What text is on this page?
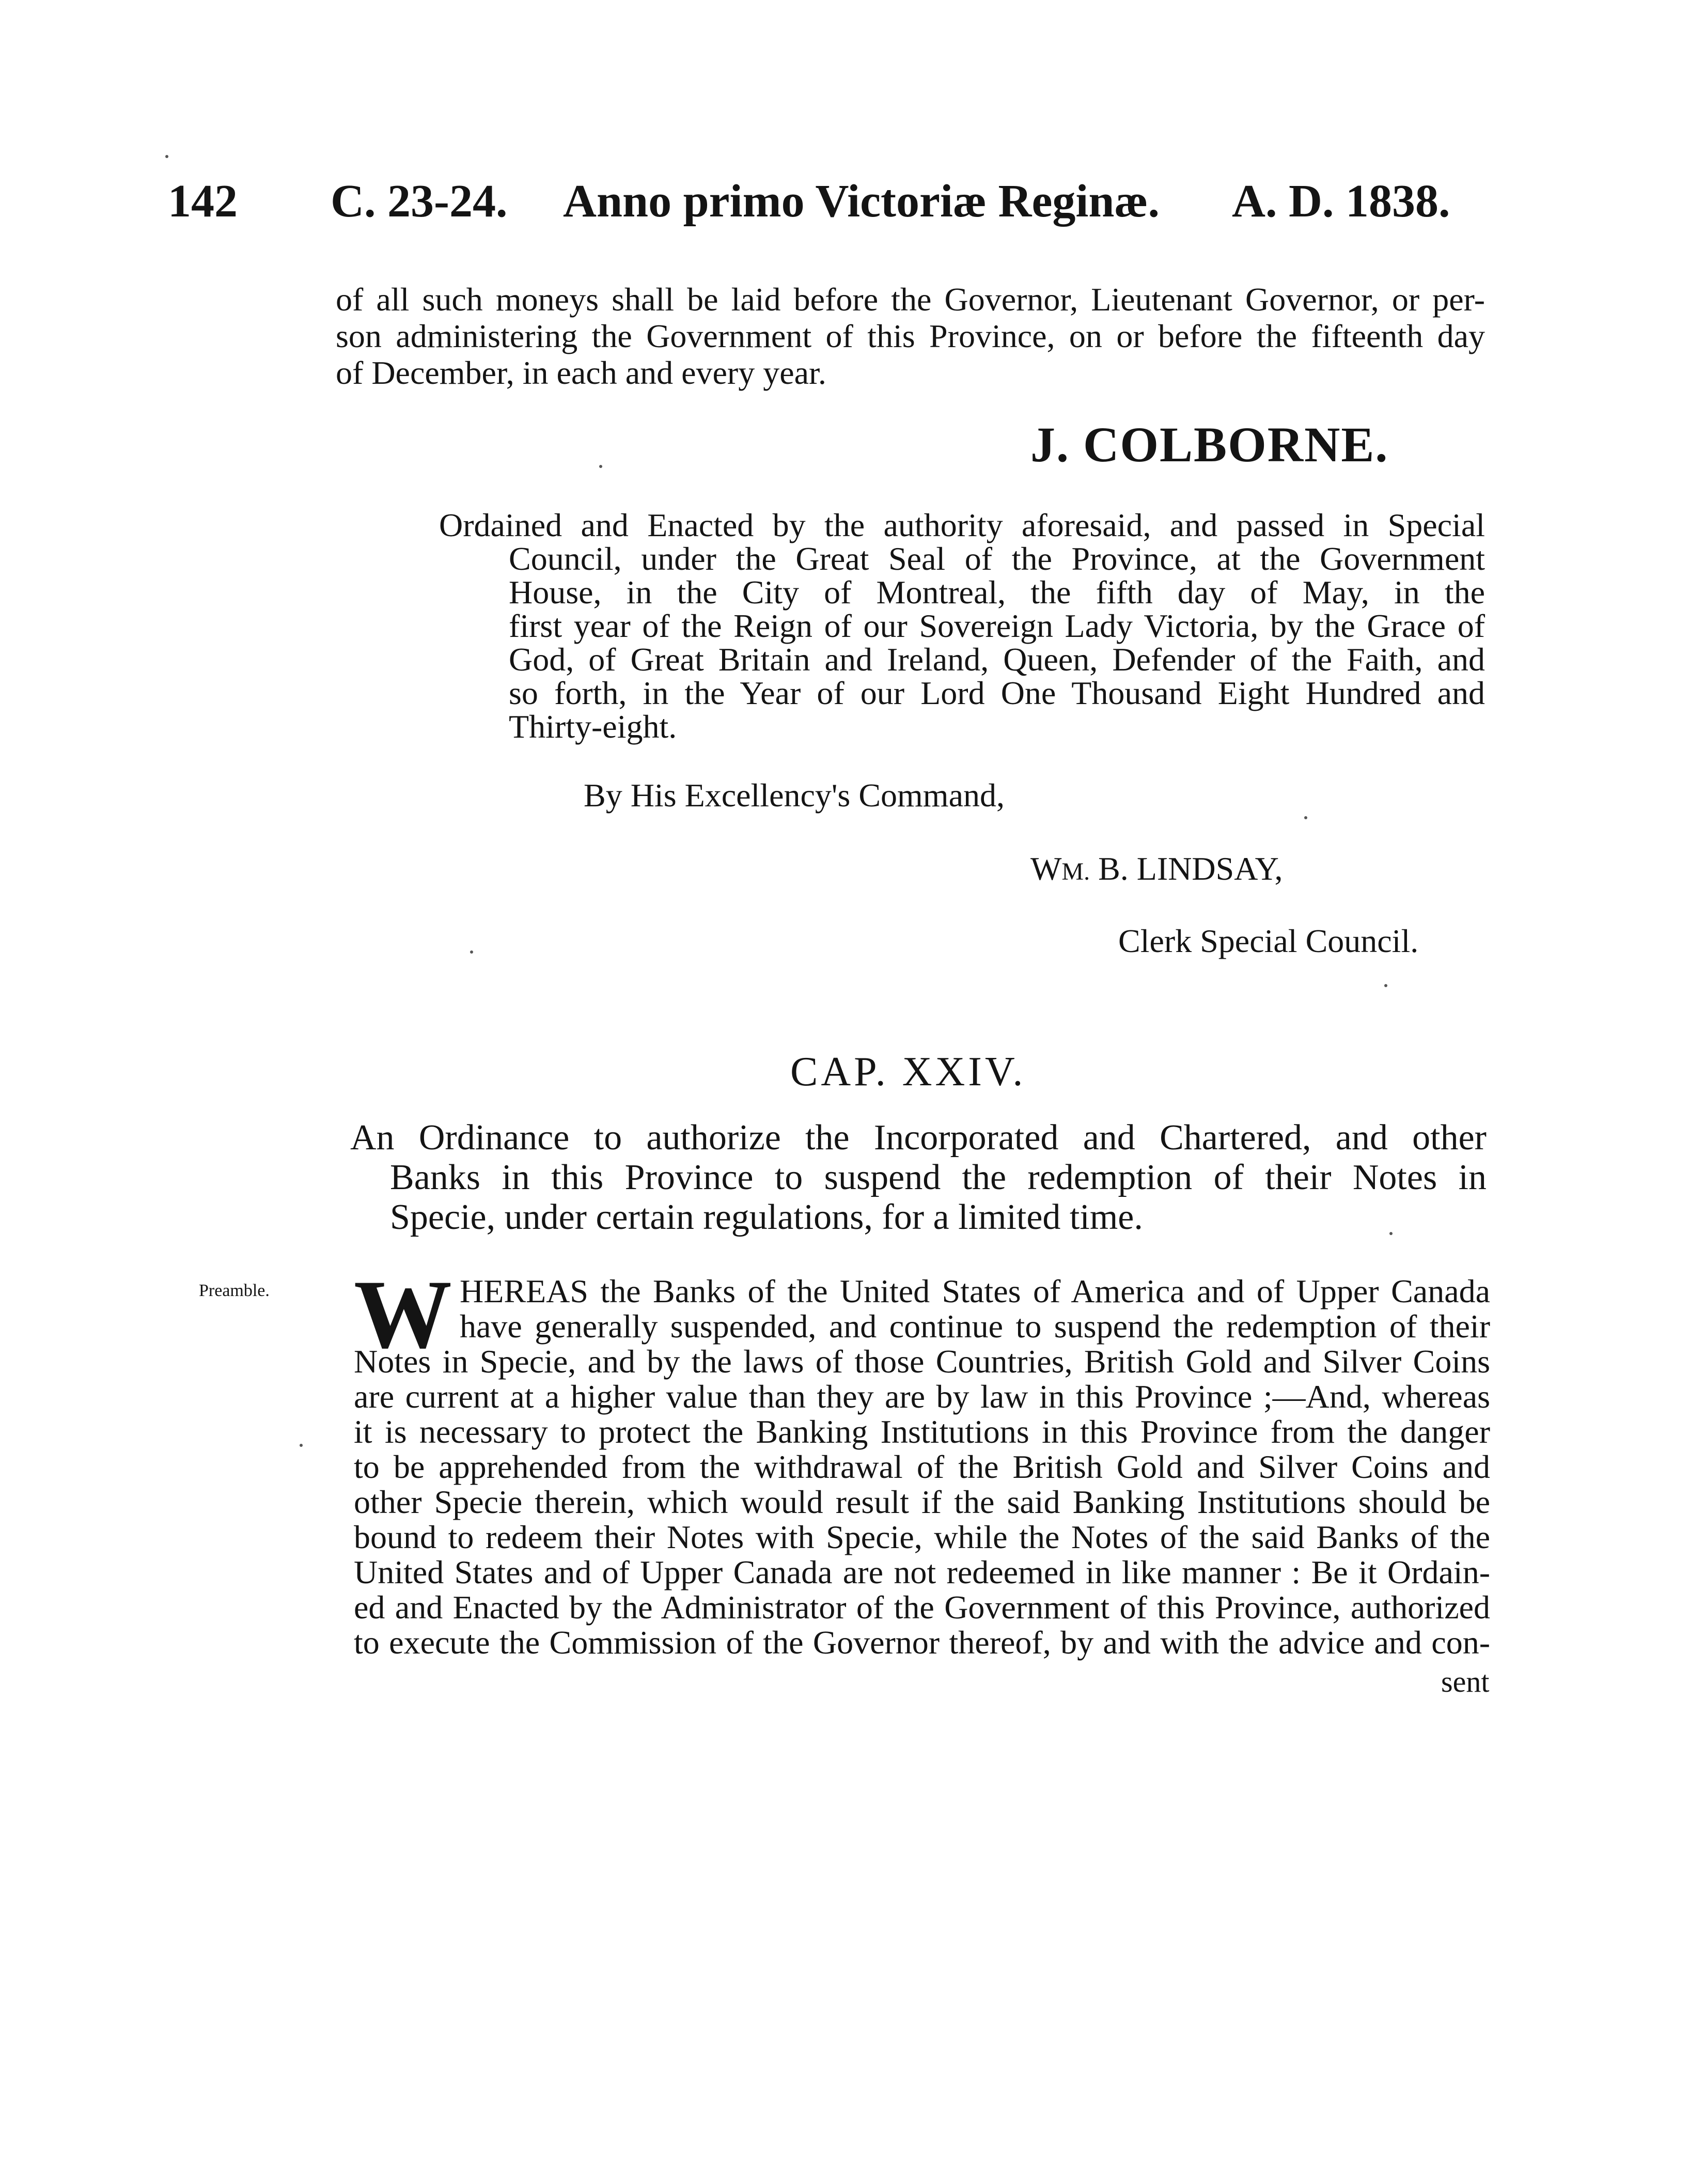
142 C. 23-24. Anno primo Victoriæ Reginæ. A. D. 1838.
of all such moneys shall be laid before the Governor, Lieutenant Governor, or per-
son administering the Government of this Province, on or before the fifteenth day
of December, in each and every year.
J. COLBORNE.
Ordained and Enacted by the authority aforesaid, and passed in Special
Council, under the Great Seal of the Province, at the Government
House, in the City of Montreal, the fifth day of May, in the
first year of the Reign of our Sovereign Lady Victoria, by the Grace of
God, of Great Britain and Ireland, Queen, Defender of the Faith, and
so forth, in the Year of our Lord One Thousand Eight Hundred and
Thirty-eight.
By His Excellency's Command,
WM. B. LINDSAY,
Clerk Special Council.
CAP. XXIV.
An Ordinance to authorize the Incorporated and Chartered, and other
Banks in this Province to suspend the redemption of their Notes in
Specie, under certain regulations, for a limited time.
Preamble. W HEREAS the Banks of the United States of America and of Upper Canada
have generally suspended, and continue to suspend the redemption of their
Notes in Specie, and by the laws of those Countries, British Gold and Silver Coins
are current at a higher value than they are by law in this Province ;—And, whereas
it is necessary to protect the Banking Institutions in this Province from the danger
to be apprehended from the withdrawal of the British Gold and Silver Coins and
other Specie therein, which would result if the said Banking Institutions should be
bound to redeem their Notes with Specie, while the Notes of the said Banks of the
United States and of Upper Canada are not redeemed in like manner : Be it Ordain-
ed and Enacted by the Administrator of the Government of this Province, authorized
to execute the Commission of the Governor thereof, by and with the advice and con-
sent
